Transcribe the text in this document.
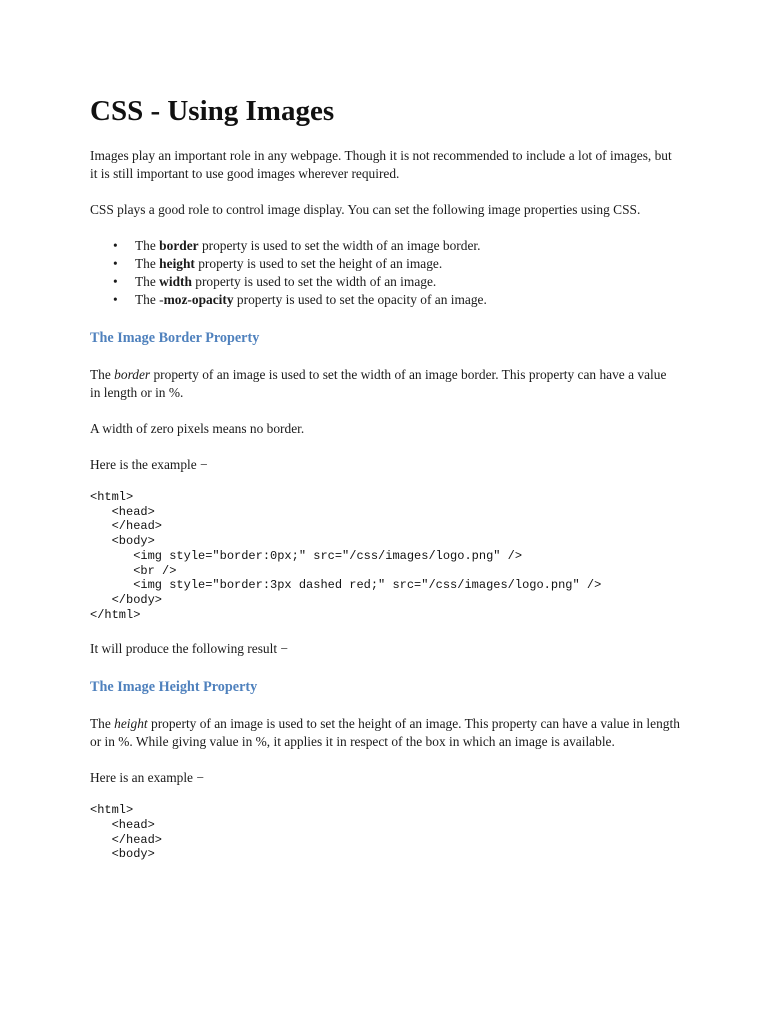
CSS - Using Images

Images play an important role in any webpage. Though it is not recommended to include a lot of images, but it is still important to use good images wherever required.

CSS plays a good role to control image display. You can set the following image properties using CSS.

• The border property is used to set the width of an image border.
• The height property is used to set the height of an image.
• The width property is used to set the width of an image.
• The -moz-opacity property is used to set the opacity of an image.
The Image Border Property

The border property of an image is used to set the width of an image border. This property can have a value in length or in %.

A width of zero pixels means no border.

Here is the example −

<html>
<head>
</head>
<body>
<img style="border:0px;" src="/css/images/logo.png" />
<br />
<img style="border:3px dashed red;" src="/css/images/logo.png" />
</body>
</html>

It will produce the following result −

The Image Height Property

The height property of an image is used to set the height of an image. This property can have a value in length or in %. While giving value in %, it applies it in respect of the box in which an image is available.

Here is an example −

<html>
<head>
</head>
<body>
